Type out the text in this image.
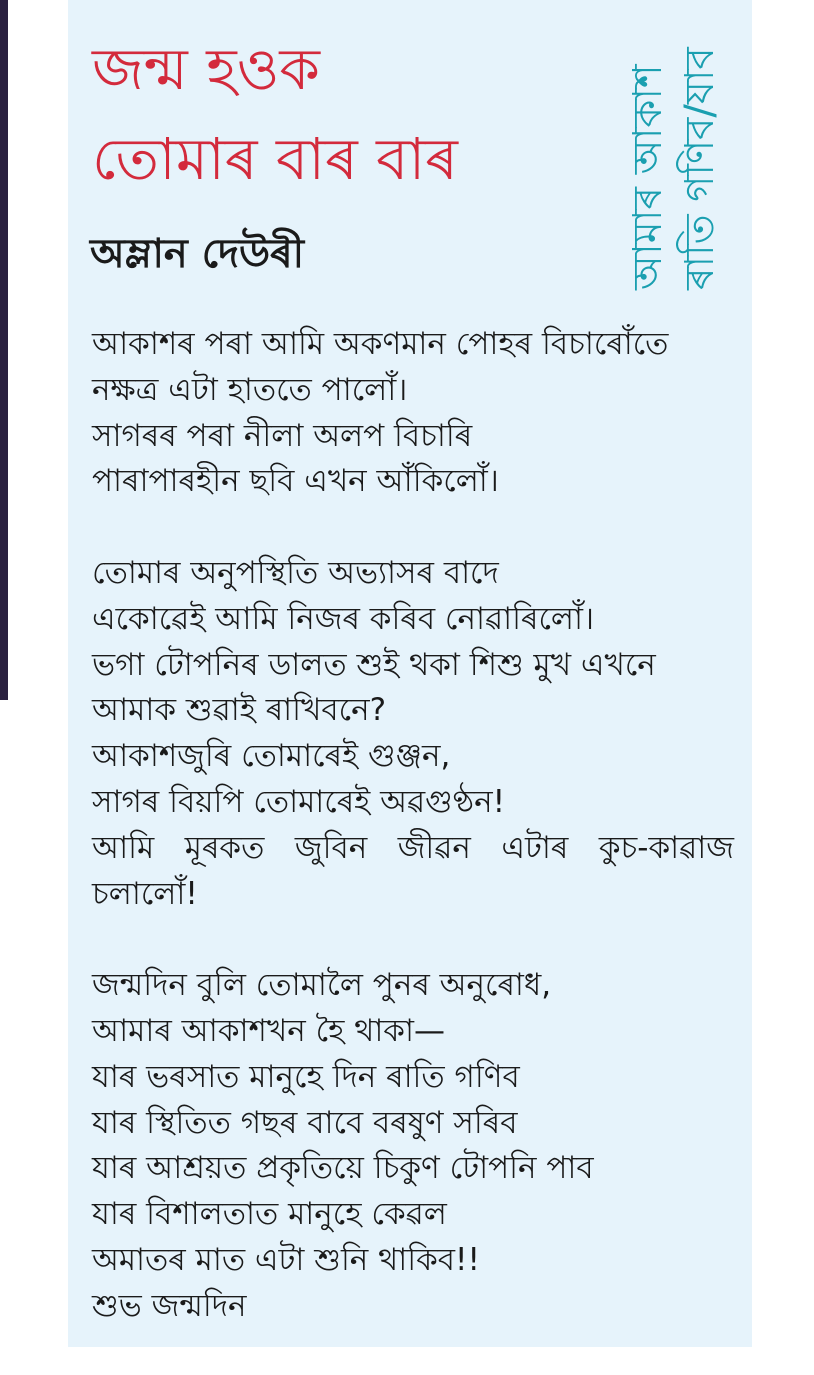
জন্ম হওক
তোমাৰ বাৰ বাৰ
অম্লান দেউৰী	আমাৰ আকাশ ৰাতি গণিব/যাব
আকাশৰ পৰা আমি অকণমান পোহৰ বিচাৰোঁতে
নক্ষত্ৰ এটা হাততে পালোঁ।
সাগৰৰ পৰা নীলা অলপ বিচাৰি
পাৰাপাৰহীন ছবি এখন আঁকিলোঁ।
তোমাৰ অনুপস্থিতি অভ্যাসৰ বাদে
একোৱেই আমি নিজৰ কৰিব নোৱাৰিলোঁ।
ভগা টোপনিৰ ডালত শুই থকা শিশু মুখ এখনে
আমাক শুৱাই ৰাখিবনে?
আকাশজুৰি তোমাৰেই গুঞ্জন,
সাগৰ বিয়পি তোমাৰেই অৱগুণ্ঠন!
আমি মূৰকত জুবিন জীৱন এটাৰ কুচ-কাৱাজ
চলালোঁ!
জন্মদিন বুলি তোমালৈ পুনৰ অনুৰোধ,
আমাৰ আকাশখন হৈ থাকা—
যাৰ ভৰসাত মানুহে দিন ৰাতি গণিব
যাৰ স্থিতিত গছৰ বাবে বৰষুণ সৰিব
যাৰ আশ্ৰয়ত প্ৰকৃতিয়ে চিকুণ টোপনি পাব
যাৰ বিশালতাত মানুহে কেৱল
অমাতৰ মাত এটা শুনি থাকিব!!
শুভ জন্মদিন
